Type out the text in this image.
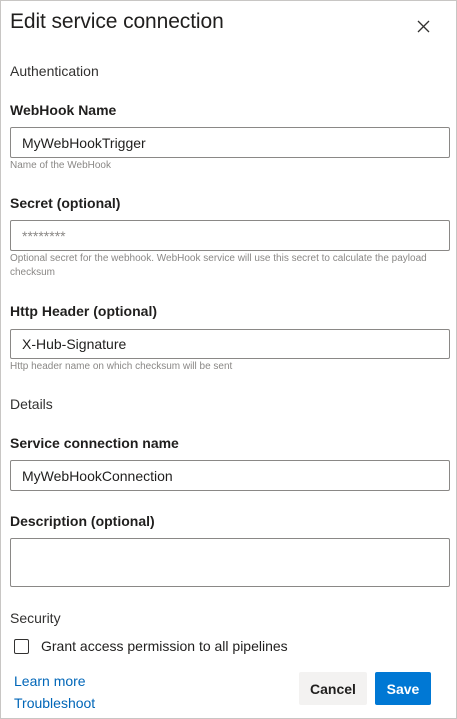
Edit service connection
Authentication
WebHook Name
MyWebHookTrigger
Name of the WebHook
Secret (optional)
Optional secret for the webhook. WebHook service will use this secret to calculate the payload checksum
Http Header (optional)
X-Hub-Signature
Http header name on which checksum will be sent
Details
Service connection name
MyWebHookConnection
Description (optional)
Security
Grant access permission to all pipelines
Learn more
Troubleshoot
Cancel	Save
